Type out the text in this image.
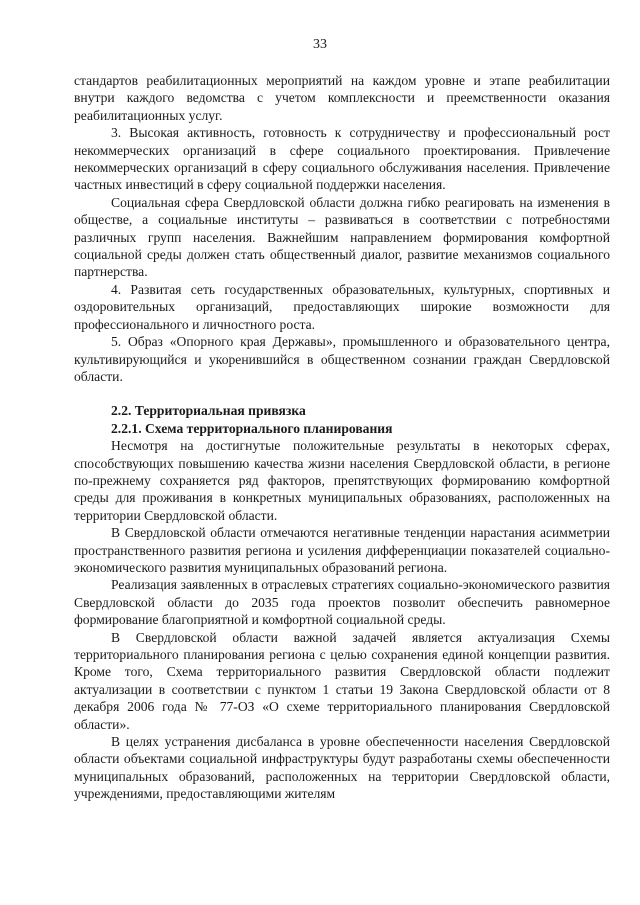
33

стандартов реабилитационных мероприятий на каждом уровне и этапе реабилитации внутри каждого ведомства с учетом комплексности и преемственности оказания реабилитационных услуг.

3. Высокая активность, готовность к сотрудничеству и профессиональный рост некоммерческих организаций в сфере социального проектирования. Привлечение некоммерческих организаций в сферу социального обслуживания населения. Привлечение частных инвестиций в сферу социальной поддержки населения.

Социальная сфера Свердловской области должна гибко реагировать на изменения в обществе, а социальные институты – развиваться в соответствии с потребностями различных групп населения. Важнейшим направлением формирования комфортной социальной среды должен стать общественный диалог, развитие механизмов социального партнерства.

4. Развитая сеть государственных образовательных, культурных, спортивных и оздоровительных организаций, предоставляющих широкие возможности для профессионального и личностного роста.

5. Образ «Опорного края Державы», промышленного и образовательного центра, культивирующийся и укоренившийся в общественном сознании граждан Свердловской области.

2.2. Территориальная привязка
2.2.1. Схема территориального планирования

Несмотря на достигнутые положительные результаты в некоторых сферах, способствующих повышению качества жизни населения Свердловской области, в регионе по-прежнему сохраняется ряд факторов, препятствующих формированию комфортной среды для проживания в конкретных муниципальных образованиях, расположенных на территории Свердловской области.

В Свердловской области отмечаются негативные тенденции нарастания асимметрии пространственного развития региона и усиления дифференциации показателей социально-экономического развития муниципальных образований региона.

Реализация заявленных в отраслевых стратегиях социально-экономического развития Свердловской области до 2035 года проектов позволит обеспечить равномерное формирование благоприятной и комфортной социальной среды.

В Свердловской области важной задачей является актуализация Схемы территориального планирования региона с целью сохранения единой концепции развития. Кроме того, Схема территориального развития Свердловской области подлежит актуализации в соответствии с пунктом 1 статьи 19 Закона Свердловской области от 8 декабря 2006 года № 77-ОЗ «О схеме территориального планирования Свердловской области».

В целях устранения дисбаланса в уровне обеспеченности населения Свердловской области объектами социальной инфраструктуры будут разработаны схемы обеспеченности муниципальных образований, расположенных на территории Свердловской области, учреждениями, предоставляющими жителям
